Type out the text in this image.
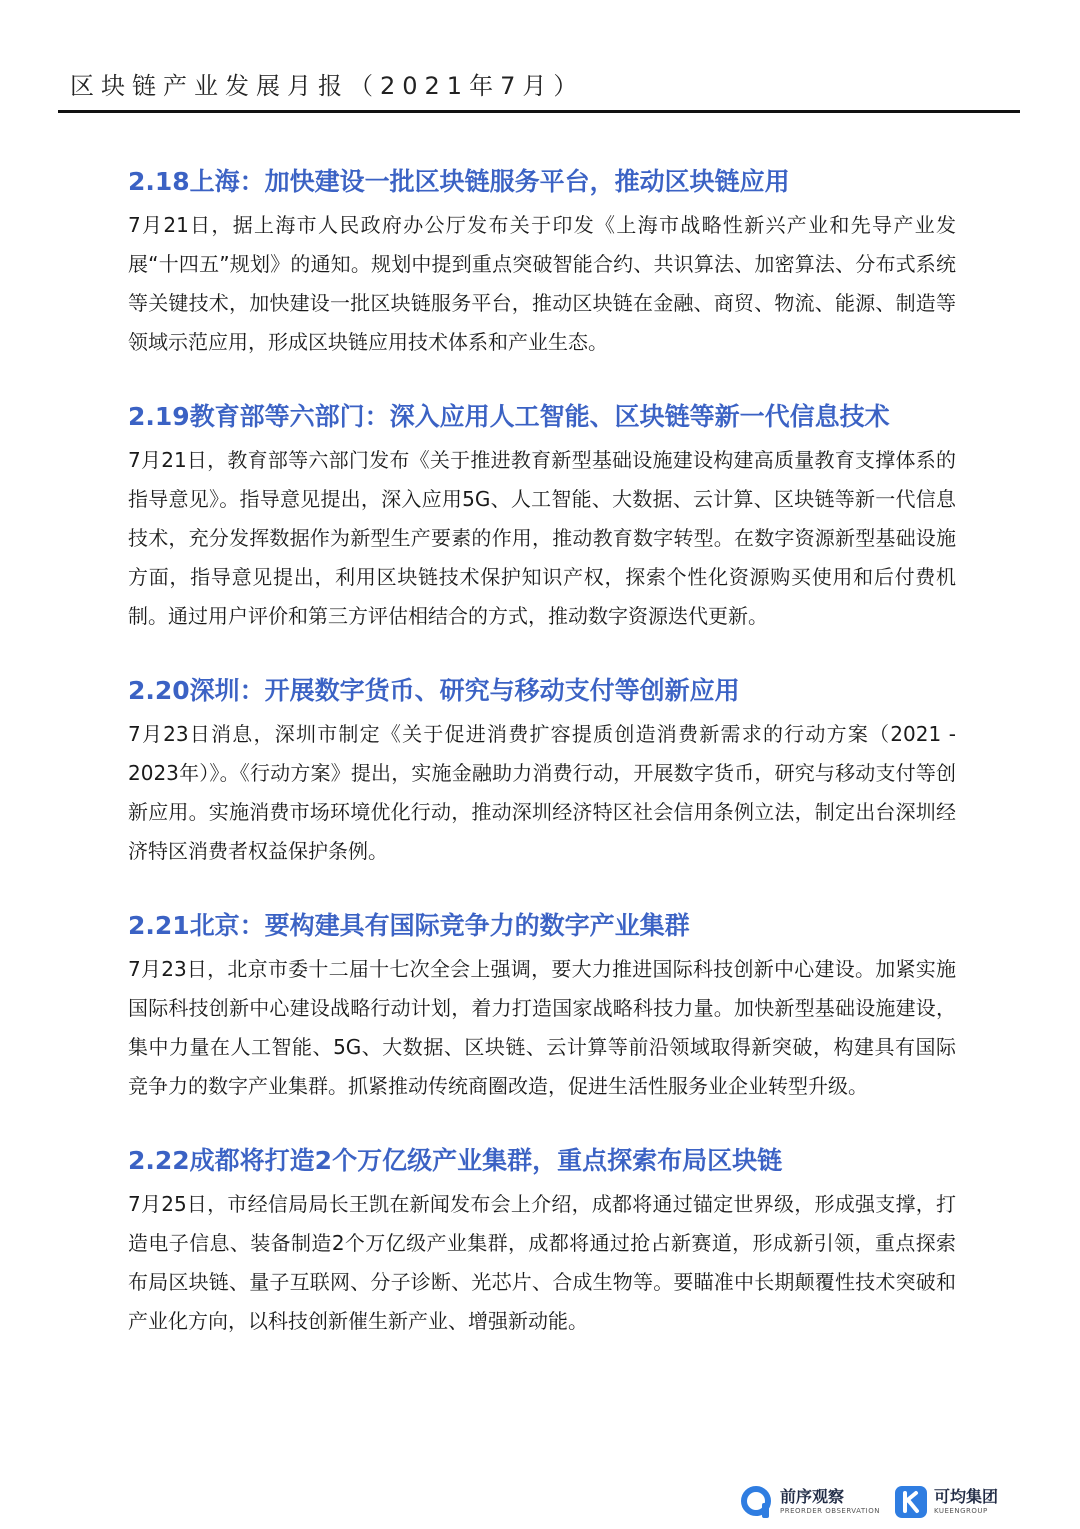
区块链产业发展月报（2021年7月）
2.18上海：加快建设一批区块链服务平台，推动区块链应用

7月21日，据上海市人民政府办公厅发布关于印发《上海市战略性新兴产业和先导产业发展“十四五”规划》的通知。规划中提到重点突破智能合约、共识算法、加密算法、分布式系统等关键技术，加快建设一批区块链服务平台，推动区块链在金融、商贸、物流、能源、制造等领域示范应用，形成区块链应用技术体系和产业生态。

2.19教育部等六部门：深入应用人工智能、区块链等新一代信息技术

7月21日，教育部等六部门发布《关于推进教育新型基础设施建设构建高质量教育支撑体系的指导意见》。指导意见提出，深入应用5G、人工智能、大数据、云计算、区块链等新一代信息技术，充分发挥数据作为新型生产要素的作用，推动教育数字转型。在数字资源新型基础设施方面，指导意见提出，利用区块链技术保护知识产权，探索个性化资源购买使用和后付费机制。通过用户评价和第三方评估相结合的方式，推动数字资源迭代更新。

2.20深圳：开展数字货币、研究与移动支付等创新应用

7月23日消息，深圳市制定《关于促进消费扩容提质创造消费新需求的行动方案（2021 - 2023年）》。《行动方案》提出，实施金融助力消费行动，开展数字货币，研究与移动支付等创新应用。实施消费市场环境优化行动，推动深圳经济特区社会信用条例立法，制定出台深圳经济特区消费者权益保护条例。

2.21北京：要构建具有国际竞争力的数字产业集群

7月23日，北京市委十二届十七次全会上强调，要大力推进国际科技创新中心建设。加紧实施国际科技创新中心建设战略行动计划，着力打造国家战略科技力量。加快新型基础设施建设，集中力量在人工智能、5G、大数据、区块链、云计算等前沿领域取得新突破，构建具有国际竞争力的数字产业集群。抓紧推动传统商圈改造，促进生活性服务业企业转型升级。

2.22成都将打造2个万亿级产业集群，重点探索布局区块链

7月25日，市经信局局长王凯在新闻发布会上介绍，成都将通过锚定世界级，形成强支撑，打造电子信息、装备制造2个万亿级产业集群，成都将通过抢占新赛道，形成新引领，重点探索布局区块链、量子互联网、分子诊断、光芯片、合成生物等。要瞄准中长期颠覆性技术突破和产业化方向，以科技创新催生新产业、增强新动能。

前序观察
PREORDER OBSERVATION
可均集团
KUEENGROUP
